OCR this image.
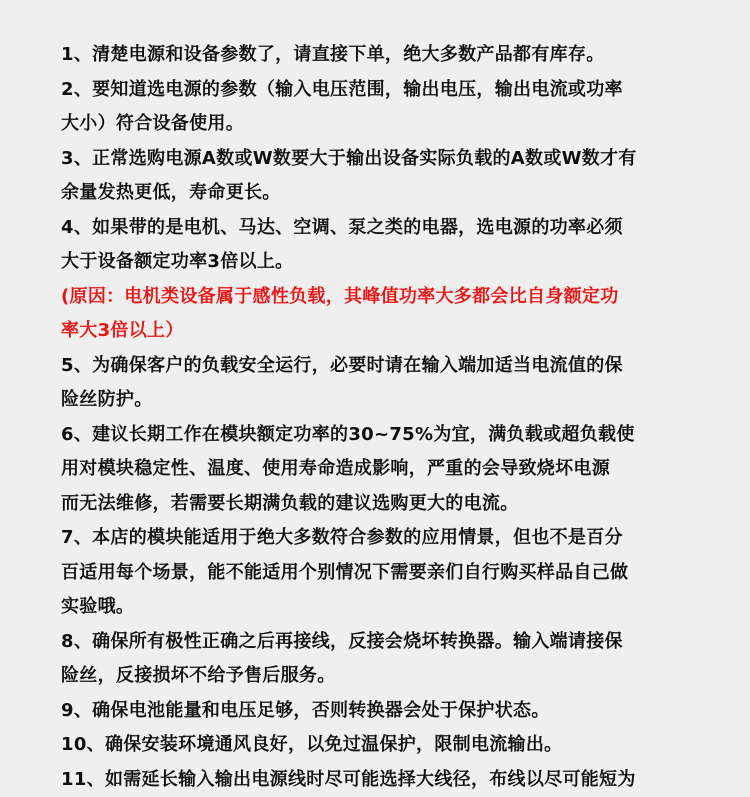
1、清楚电源和设备参数了，请直接下单，绝大多数产品都有库存。

2、要知道选电源的参数（输入电压范围，输出电压，输出电流或功率
大小）符合设备使用。

3、正常选购电源A数或W数要大于输出设备实际负载的A数或W数才有
余量发热更低，寿命更长。

4、如果带的是电机、马达、空调、泵之类的电器，选电源的功率必须
大于设备额定功率3倍以上。

(原因：电机类设备属于感性负载，其峰值功率大多都会比自身额定功
率大3倍以上）

5、为确保客户的负载安全运行，必要时请在输入端加适当电流值的保
险丝防护。

6、建议长期工作在模块额定功率的30~75%为宜，满负载或超负载使
用对模块稳定性、温度、使用寿命造成影响，严重的会导致烧坏电源
而无法维修，若需要长期满负载的建议选购更大的电流。

7、本店的模块能适用于绝大多数符合参数的应用情景，但也不是百分
百适用每个场景，能不能适用个别情况下需要亲们自行购买样品自己做
实验哦。

8、确保所有极性正确之后再接线，反接会烧坏转换器。输入端请接保
险丝，反接损坏不给予售后服务。

9、确保电池能量和电压足够，否则转换器会处于保护状态。

10、确保安装环境通风良好，以免过温保护，限制电流输出。

11、如需延长输入输出电源线时尽可能选择大线径，布线以尽可能短为
